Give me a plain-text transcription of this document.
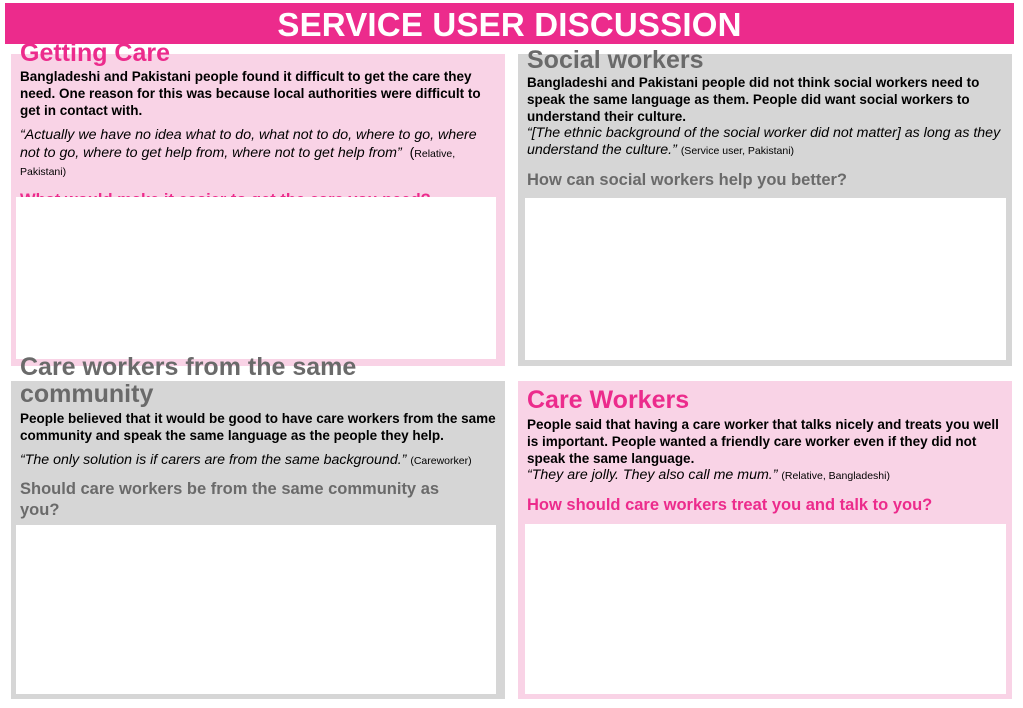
SERVICE USER DISCUSSION
Getting Care

Bangladeshi and Pakistani people found it difficult to get the care they need. One reason for this was because local authorities were difficult to get in contact with.

“Actually we have no idea what to do, what not to do, where to go, where not to go, where to get help from, where not to get help from” (Relative, Pakistani)

Social workers

Bangladeshi and Pakistani people did not think social workers need to speak the same language as them. People did want social workers to understand their culture.

“[The ethnic background of the social worker did not matter] as long as they understand the culture.” (Service user, Pakistani)

How can social workers help you better?

Care workers from the same community

People believed that it would be good to have care workers from the same community and speak the same language as the people they help.

“The only solution is if carers are from the same background.” (Careworker)

Should care workers be from the same community as you?

Care Workers

People said that having a care worker that talks nicely and treats you well is important. People wanted a friendly care worker even if they did not speak the same language.

“They are jolly. They also call me mum.” (Relative, Bangladeshi)

How should care workers treat you and talk to you?
